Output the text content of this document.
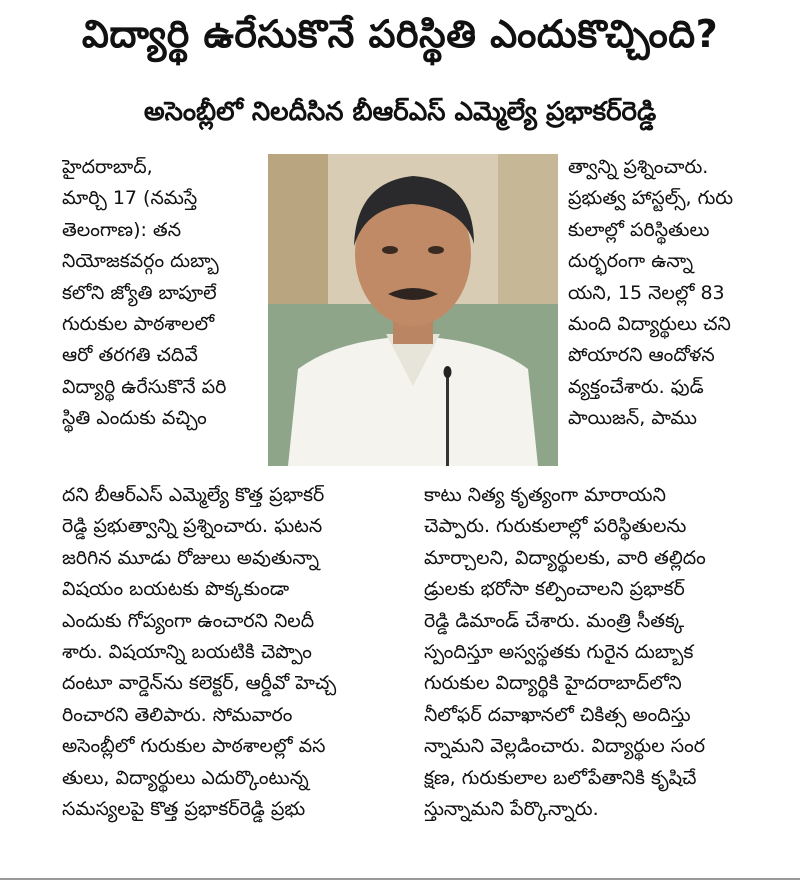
విద్యార్థి ఉరేసుకొనే పరిస్థితి ఎందుకొచ్చింది?
అసెంబ్లీలో నిలదీసిన బీఆర్‌ఎస్‌ ఎమ్మెల్యే ప్రభాకర్‌రెడ్డి
హైదరాబాద్‌,
మార్చి 17 (నమస్తే
తెలంగాణ): తన
నియోజకవర్గం దుబ్బా
కలోని జ్యోతి బాపూలే
గురుకుల పాఠశాలలో
ఆరో తరగతి చదివే
విద్యార్థి ఉరేసుకొనే పరి
స్థితి ఎందుకు వచ్చిం
త్వాన్ని ప్రశ్నించారు.
ప్రభుత్వ హాస్టల్స్‌, గురు
కులాల్లో పరిస్థితులు
దుర్భరంగా ఉన్నా
యని, 15 నెలల్లో 83
మంది విద్యార్థులు చని
పోయారని ఆందోళన
వ్యక్తంచేశారు. ఫుడ్‌
పాయిజన్‌, పాము
దని బీఆర్‌ఎస్‌ ఎమ్మెల్యే కొత్త ప్రభాకర్‌
రెడ్డి ప్రభుత్వాన్ని ప్రశ్నించారు. ఘటన
జరిగిన మూడు రోజులు అవుతున్నా
విషయం బయటకు పొక్కకుండా
ఎందుకు గోప్యంగా ఉంచారని నిలదీ
శారు. విషయాన్ని బయటికి చెప్పొం
దంటూ వార్డెన్‌ను కలెక్టర్‌, ఆర్డీవో హెచ్చ
రించారని తెలిపారు. సోమవారం
అసెంబ్లీలో గురుకుల పాఠశాలల్లో వస
తులు, విద్యార్థులు ఎదుర్కొంటున్న
సమస్యలపై కొత్త ప్రభాకర్‌రెడ్డి ప్రభు
కాటు నిత్య కృత్యంగా మారాయని
చెప్పారు. గురుకులాల్లో పరిస్థితులను
మార్చాలని, విద్యార్థులకు, వారి తల్లిదం
డ్రులకు భరోసా కల్పించాలని ప్రభాకర్‌
రెడ్డి డిమాండ్‌ చేశారు. మంత్రి సీతక్క
స్పందిస్తూ అస్వస్థతకు గురైన దుబ్బాక
గురుకుల విద్యార్థికి హైదరాబాద్‌లోని
నీలోఫర్‌ దవాఖానలో చికిత్స అందిస్తు
న్నామని వెల్లడించారు. విద్యార్థుల సంర
క్షణ, గురుకులాల బలోపేతానికి కృషిచే
స్తున్నామని పేర్కొన్నారు.
